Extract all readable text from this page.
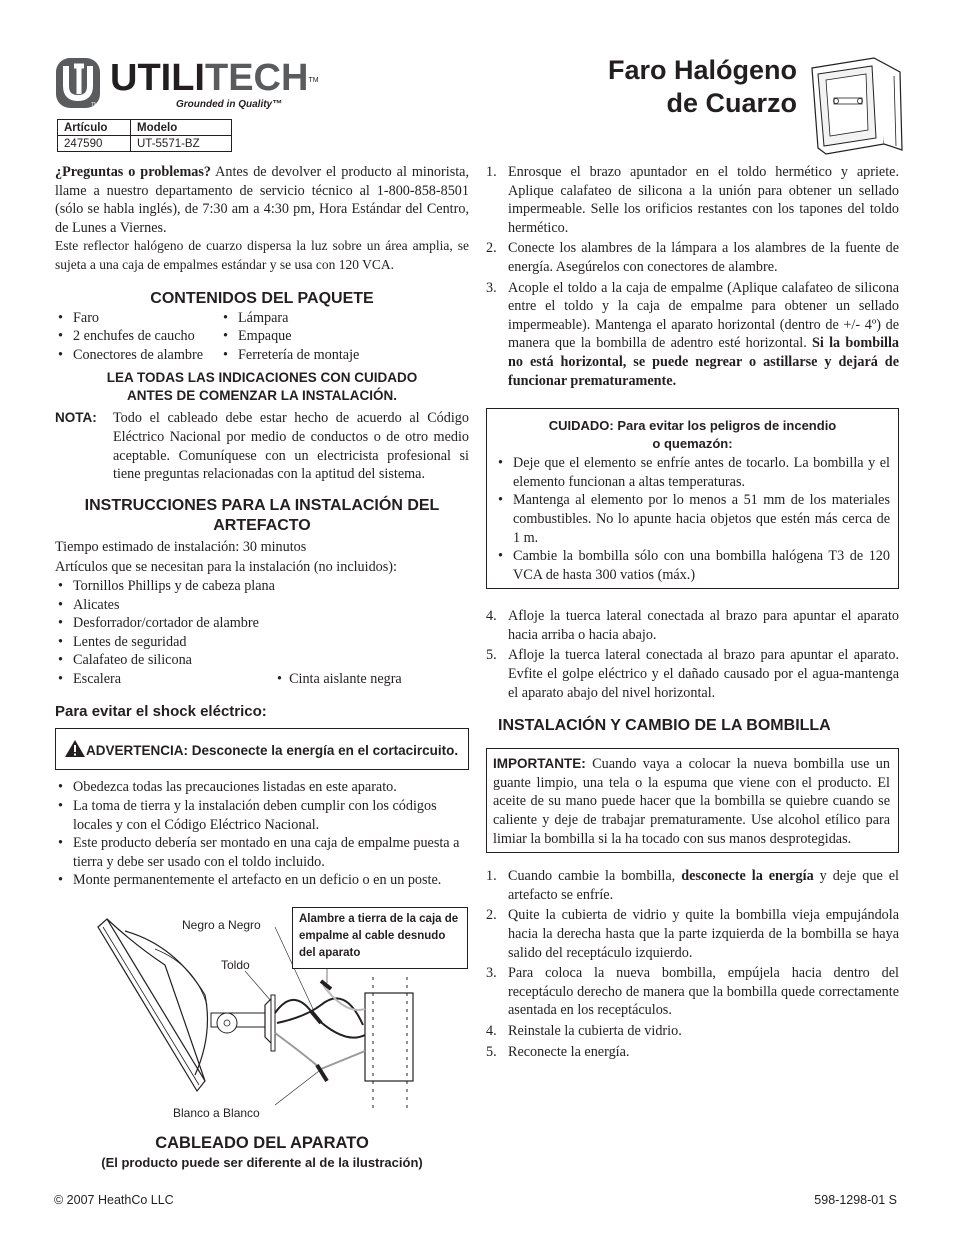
TM
UTILITECH™
Grounded in Quality™
Faro Halógeno
de Cuarzo
Artículo	Modelo
247590	UT-5571-BZ

¿Preguntas o problemas? Antes de devolver el producto al minorista, llame a nuestro departamento de servicio técnico al 1-800-858-8501 (sólo se habla inglés), de 7:30 am a 4:30 pm, Hora Estándar del Centro, de Lunes a Viernes.

Este reflector halógeno de cuarzo dispersa la luz sobre un área amplia, se sujeta a una caja de empalmes estándar y se usa con 120 VCA.

CONTENIDOS DEL PAQUETE
• Faro
• 2 enchufes de caucho
• Conectores de alambre
• Lámpara
• Empaque
• Ferretería de montaje
LEA TODAS LAS INDICACIONES CON CUIDADO ANTES DE COMENZAR LA INSTALACIÓN.
NOTA:	Todo el cableado debe estar hecho de acuerdo al Código Eléctrico Nacional por medio de conductos o de otro medio aceptable. Comuníquese con un electricista profesional si tiene preguntas relacionadas con la aptitud del sistema.

INSTRUCCIONES PARA LA INSTALACIÓN DEL ARTEFACTO

Tiempo estimado de instalación: 30 minutos

Artículos que se necesitan para la instalación (no incluidos):

• Tornillos Phillips y de cabeza plana
• Alicates
• Desforrador/cortador de alambre
• Lentes de seguridad
• Calafateo de silicona
• Escalera	•  Cinta aislante negra
Para evitar el shock eléctrico:
ADVERTENCIA: Desconecte la energía en el cortacircuito.
• Obedezca todas las precauciones listadas en este aparato.
• La toma de tierra y la instalación deben cumplir con los códigos locales y con el Código Eléctrico Nacional.
• Este producto debería ser montado en una caja de empalme puesta a tierra y debe ser usado con el toldo incluido.
• Monte permanentemente el artefacto en un deficio o en un poste.
Negro a Negro
Toldo
Blanco a Blanco
Alambre a tierra de la caja de empalme al cable desnudo del aparato
CABLEADO DEL APARATO
(El producto puede ser diferente al de la ilustración)
1. Enrosque el brazo apuntador en el toldo hermético y apriete. Aplique calafateo de silicona a la unión para obtener un sellado impermeable. Selle los orificios restantes con los tapones del toldo hermético.
2. Conecte los alambres de la lámpara a los alambres de la fuente de energía. Asegúrelos con conectores de alambre.
3. Acople el toldo a la caja de empalme (Aplique calafateo de silicona entre el toldo y la caja de empalme para obtener un sellado impermeable). Mantenga el aparato horizontal (dentro de +/- 4º) de manera que la bombilla de adentro esté horizontal. Si la bombilla no está horizontal, se puede negrear o astillarse y dejará de funcionar prematuramente.
CUIDADO: Para evitar los peligros de incendio o quemazón:
• Deje que el elemento se enfríe antes de tocarlo. La bombilla y el elemento funcionan a altas temperaturas.
• Mantenga al elemento por lo menos a 51 mm de los materiales combustibles. No lo apunte hacia objetos que estén más cerca de 1 m.
• Cambie la bombilla sólo con una bombilla halógena T3 de 120 VCA de hasta 300 vatios (máx.)
4. Afloje la tuerca lateral conectada al brazo para apuntar el aparato hacia arriba o hacia abajo.
5. Afloje la tuerca lateral conectada al brazo para apuntar el aparato. Evfite el golpe eléctrico y el dañado causado por el agua-mantenga el aparato abajo del nivel horizontal.
INSTALACIÓN Y CAMBIO DE LA BOMBILLA

IMPORTANTE: Cuando vaya a colocar la nueva bombilla use un guante limpio, una tela o la espuma que viene con el producto. El aceite de su mano puede hacer que la bombilla se quiebre cuando se caliente y deje de trabajar prematuramente. Use alcohol etílico para limiar la bombilla si la ha tocado con sus manos desprotegidas.

1. Cuando cambie la bombilla, desconecte la energía y deje que el artefacto se enfríe.
2. Quite la cubierta de vidrio y quite la bombilla vieja empujándola hacia la derecha hasta que la parte izquierda de la bombilla se haya salido del receptáculo izquierdo.
3. Para coloca la nueva bombilla, empújela hacia dentro del receptáculo derecho de manera que la bombilla quede correctamente asentada en los receptáculos.
4. Reinstale la cubierta de vidrio.
5. Reconecte la energía.
© 2007 HeathCo LLC	598-1298-01 S
